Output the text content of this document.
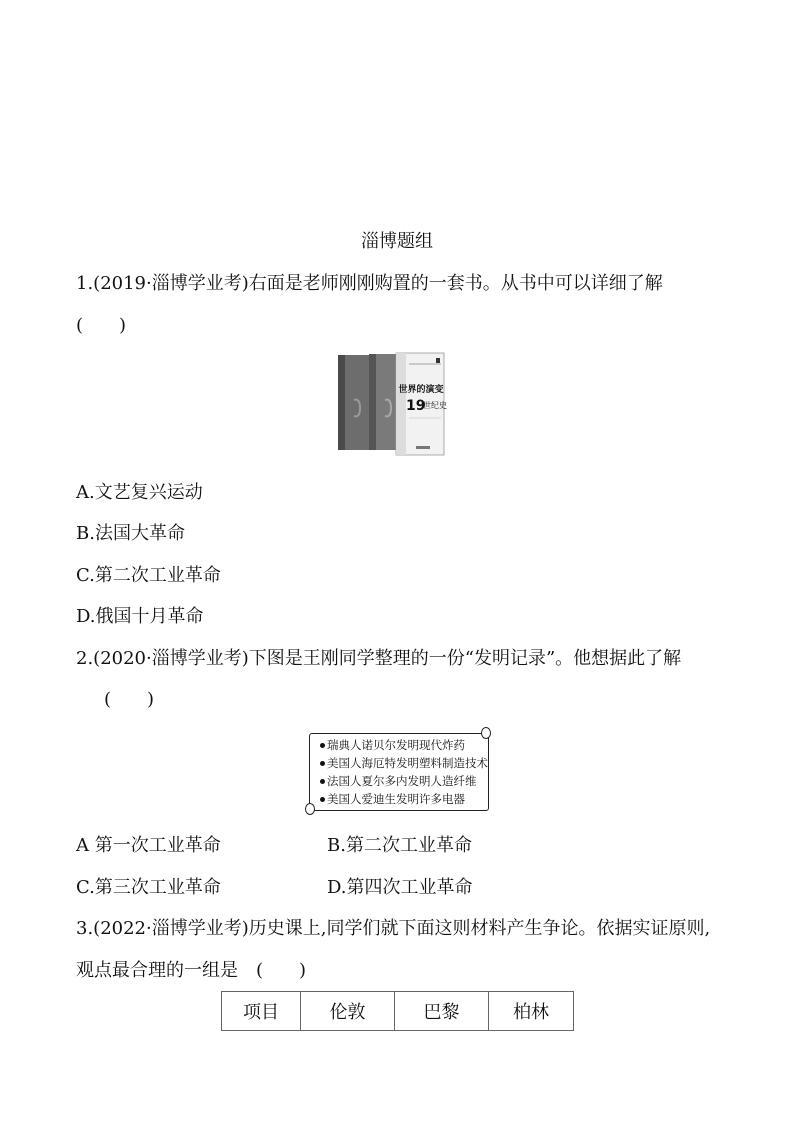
淄博题组
1.(2019·淄博学业考)右面是老师刚刚购置的一套书。从书中可以详细了解
(　　)
世界的演变
19
世纪史
A.文艺复兴运动
B.法国大革命
C.第二次工业革命
D.俄国十月革命
2.(2020·淄博学业考)下图是王刚同学整理的一份“发明记录”。他想据此了解
(　　)
瑞典人诺贝尔发明现代炸药
美国人海厄特发明塑料制造技术
法国人夏尔多内发明人造纤维
美国人爱迪生发明许多电器
A 第一次工业革命	B.第二次工业革命
C.第三次工业革命	D.第四次工业革命
3.(2022·淄博学业考)历史课上,同学们就下面这则材料产生争论。依据实证原则,
观点最合理的一组是　(　　)
项目	伦敦	巴黎	柏林
